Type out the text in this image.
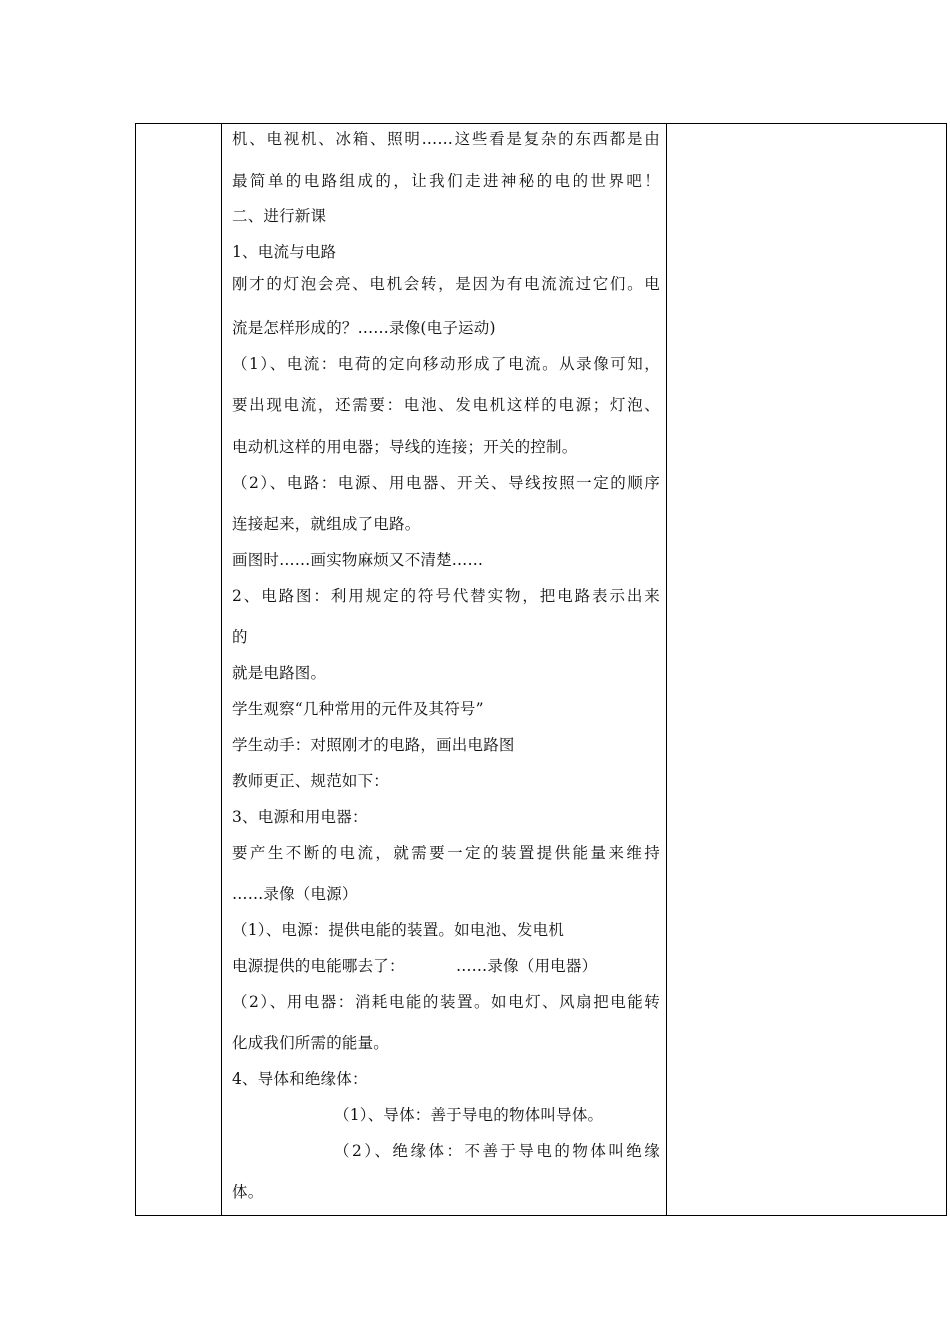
机、电视机、冰箱、照明……这些看是复杂的东西都是由
最简单的电路组成的，让我们走进神秘的电的世界吧！
二、进行新课
1、电流与电路
刚才的灯泡会亮、电机会转，是因为有电流流过它们。电
流是怎样形成的？……录像(电子运动)
（1）、电流：电荷的定向移动形成了电流。从录像可知，
要出现电流，还需要：电池、发电机这样的电源；灯泡、
电动机这样的用电器；导线的连接；开关的控制。
（2）、电路：电源、用电器、开关、导线按照一定的顺序
连接起来，就组成了电路。
画图时……画实物麻烦又不清楚……
2、电路图：利用规定的符号代替实物，把电路表示出来
的
就是电路图。
学生观察“几种常用的元件及其符号”
学生动手：对照刚才的电路，画出电路图
教师更正、规范如下：
3、电源和用电器：
要产生不断的电流，就需要一定的装置提供能量来维持
……录像（电源）
（1）、电源：提供电能的装置。如电池、发电机
电源提供的电能哪去了：          ……录像（用电器）
（2）、用电器：消耗电能的装置。如电灯、风扇把电能转
化成我们所需的能量。
4、导体和绝缘体：
（1）、导体：善于导电的物体叫导体。
（2）、绝缘体：不善于导电的物体叫绝缘
体。
